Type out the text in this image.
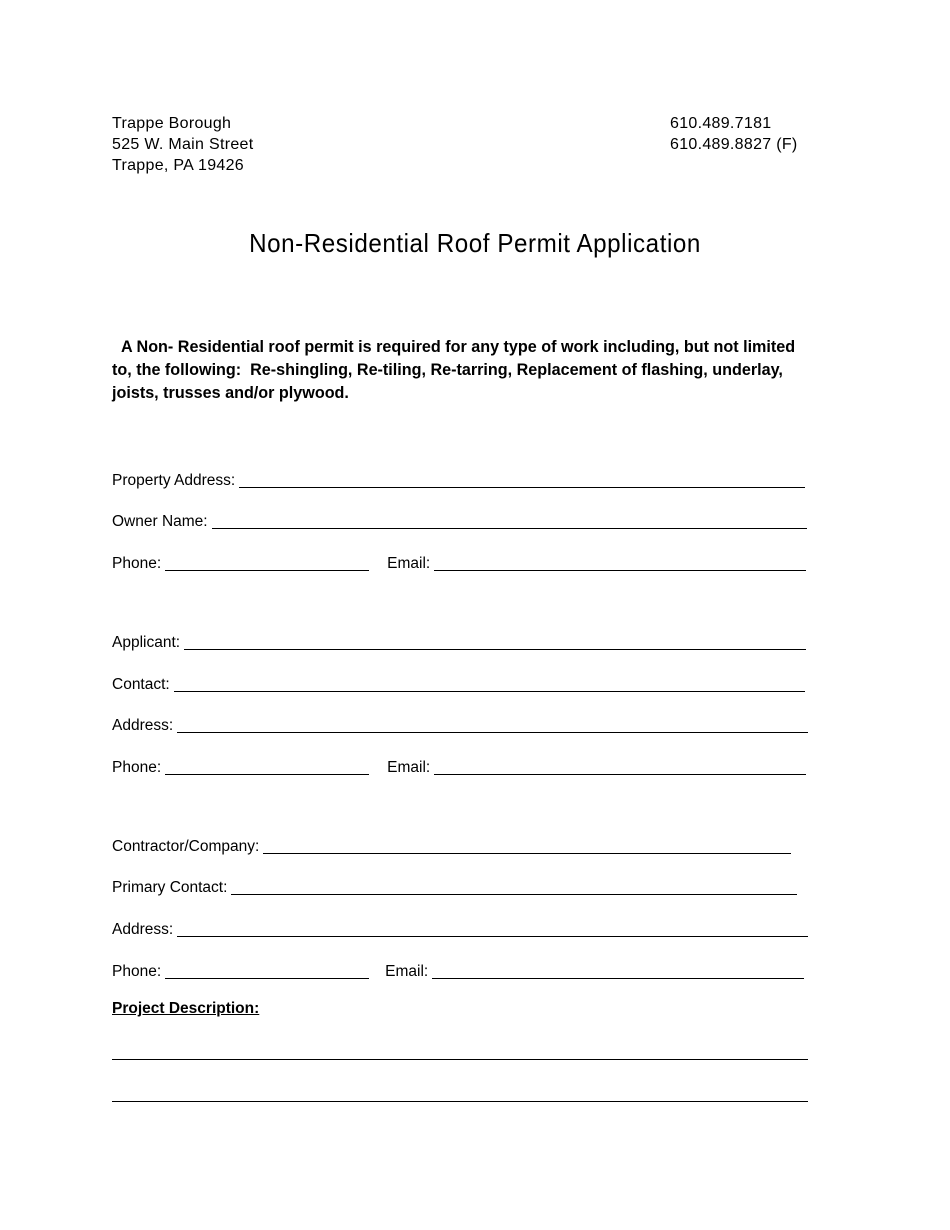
Trappe Borough
525 W. Main Street
Trappe, PA 19426
610.489.7181
610.489.8827 (F)
Non-Residential Roof Permit Application
A Non- Residential roof permit is required for any type of work including, but not limited to, the following:  Re-shingling, Re-tiling, Re-tarring, Replacement of flashing, underlay, joists, trusses and/or plywood.
Property Address:
Owner Name:
Phone:	Email:
Applicant:
Contact:
Address:
Phone:	Email:
Contractor/Company:
Primary Contact:
Address:
Phone:	Email:
Project Description:
